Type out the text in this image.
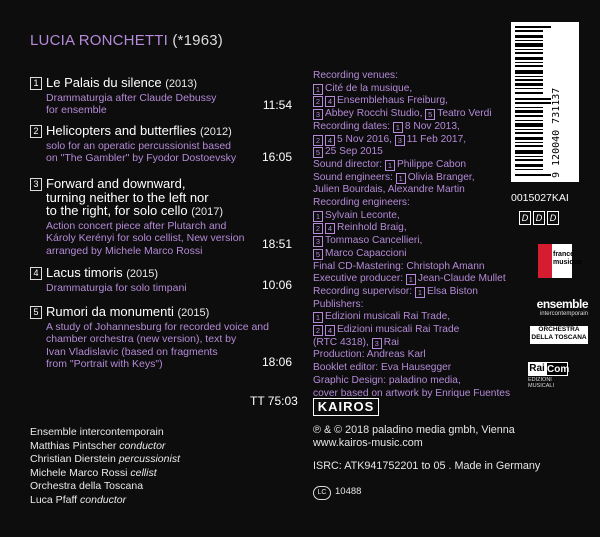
LUCIA RONCHETTI (*1963)
1 Le Palais du silence (2013)
Drammaturgia after Claude Debussy
for ensemble	11:54
2 Helicopters and butterflies (2012)
solo for an operatic percussionist based
on "The Gambler" by Fyodor Dostoevsky	16:05
3 Forward and downward,
turning neither to the left nor
to the right, for solo cello (2017)
Action concert piece after Plutarch and
Károly Kerényi for solo cellist, New version
arranged by Michele Marco Rossi	18:51
4 Lacus timoris (2015)
Drammaturgia for solo timpani	10:06
5 Rumori da monumenti (2015)
A study of Johannesburg for recorded voice and
chamber orchestra (new version), text by
Ivan Vladislavic (based on fragments
from "Portrait with Keys")	18:06
TT 75:03
Ensemble intercontemporain
Matthias Pintscher conductor
Christian Dierstein percussionist
Michele Marco Rossi cellist
Orchestra della Toscana
Luca Pfaff conductor
Recording venues:
1 Cité de la musique,
2 4 Ensemblehaus Freiburg,
3 Abbey Rocchi Studio, 5 Teatro Verdi
Recording dates: 1 8 Nov 2013,
2 4 5 Nov 2016, 3 11 Feb 2017,
5 25 Sep 2015
Sound director: 1 Philippe Cabon
Sound engineers: 1 Olivia Branger,
Julien Bourdais, Alexandre Martin
Recording engineers:
1 Sylvain Leconte,
2 4 Reinhold Braig,
3 Tommaso Cancellieri,
5 Marco Capaccioni
Final CD-Mastering: Christoph Amann
Executive producer: 1 Jean-Claude Mullet
Recording supervisor: 1 Elsa Biston
Publishers:
1 Edizioni musicali Rai Trade,
2 4 Edizioni musicali Rai Trade
(RTC 4318), 3 Rai
Production: Andreas Karl
Booklet editor: Eva Hausegger
Graphic Design: paladino media,
cover based on artwork by Enrique Fuentes
9 120040 731137
0015027KAI
D D D
france
musique
ensemble
intercontemporain
ORCHESTRA
DELLA TOSCANA
Rai Com
EDIZIONI MUSICALI
KAIROS
℗ & © 2018 paladino media gmbh, Vienna
www.kairos-music.com
ISRC: ATK941752201 to 05 . Made in Germany
LC 10488
